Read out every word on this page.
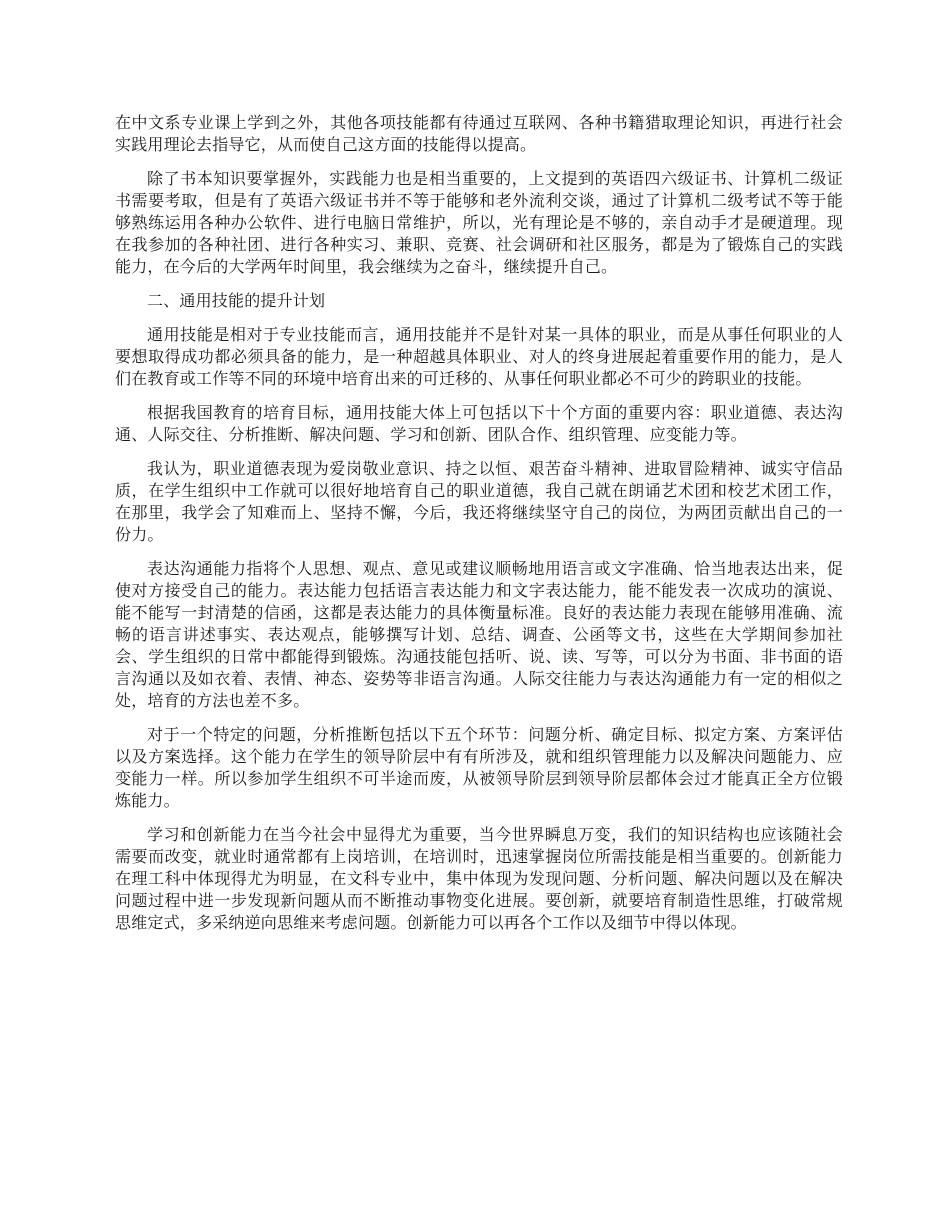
在中文系专业课上学到之外，其他各项技能都有待通过互联网、各种书籍猎取理论知识，再进行社会实践用理论去指导它，从而使自己这方面的技能得以提高。

除了书本知识要掌握外，实践能力也是相当重要的，上文提到的英语四六级证书、计算机二级证书需要考取，但是有了英语六级证书并不等于能够和老外流利交谈，通过了计算机二级考试不等于能够熟练运用各种办公软件、进行电脑日常维护，所以，光有理论是不够的，亲自动手才是硬道理。现在我参加的各种社团、进行各种实习、兼职、竞赛、社会调研和社区服务，都是为了锻炼自己的实践能力，在今后的大学两年时间里，我会继续为之奋斗，继续提升自己。

二、通用技能的提升计划

通用技能是相对于专业技能而言，通用技能并不是针对某一具体的职业，而是从事任何职业的人要想取得成功都必须具备的能力，是一种超越具体职业、对人的终身进展起着重要作用的能力，是人们在教育或工作等不同的环境中培育出来的可迁移的、从事任何职业都必不可少的跨职业的技能。

根据我国教育的培育目标，通用技能大体上可包括以下十个方面的重要内容：职业道德、表达沟通、人际交往、分析推断、解决问题、学习和创新、团队合作、组织管理、应变能力等。

我认为，职业道德表现为爱岗敬业意识、持之以恒、艰苦奋斗精神、进取冒险精神、诚实守信品质，在学生组织中工作就可以很好地培育自己的职业道德，我自己就在朗诵艺术团和校艺术团工作，在那里，我学会了知难而上、坚持不懈，今后，我还将继续坚守自己的岗位，为两团贡献出自己的一份力。

表达沟通能力指将个人思想、观点、意见或建议顺畅地用语言或文字准确、恰当地表达出来，促使对方接受自己的能力。表达能力包括语言表达能力和文字表达能力，能不能发表一次成功的演说、能不能写一封清楚的信函，这都是表达能力的具体衡量标准。良好的表达能力表现在能够用准确、流畅的语言讲述事实、表达观点，能够撰写计划、总结、调查、公函等文书，这些在大学期间参加社会、学生组织的日常中都能得到锻炼。沟通技能包括听、说、读、写等，可以分为书面、非书面的语言沟通以及如衣着、表情、神态、姿势等非语言沟通。人际交往能力与表达沟通能力有一定的相似之处，培育的方法也差不多。

对于一个特定的问题，分析推断包括以下五个环节：问题分析、确定目标、拟定方案、方案评估以及方案选择。这个能力在学生的领导阶层中有有所涉及，就和组织管理能力以及解决问题能力、应变能力一样。所以参加学生组织不可半途而废，从被领导阶层到领导阶层都体会过才能真正全方位锻炼能力。

学习和创新能力在当今社会中显得尤为重要，当今世界瞬息万变，我们的知识结构也应该随社会需要而改变，就业时通常都有上岗培训，在培训时，迅速掌握岗位所需技能是相当重要的。创新能力在理工科中体现得尤为明显，在文科专业中，集中体现为发现问题、分析问题、解决问题以及在解决问题过程中进一步发现新问题从而不断推动事物变化进展。要创新，就要培育制造性思维，打破常规思维定式，多采纳逆向思维来考虑问题。创新能力可以再各个工作以及细节中得以体现。
